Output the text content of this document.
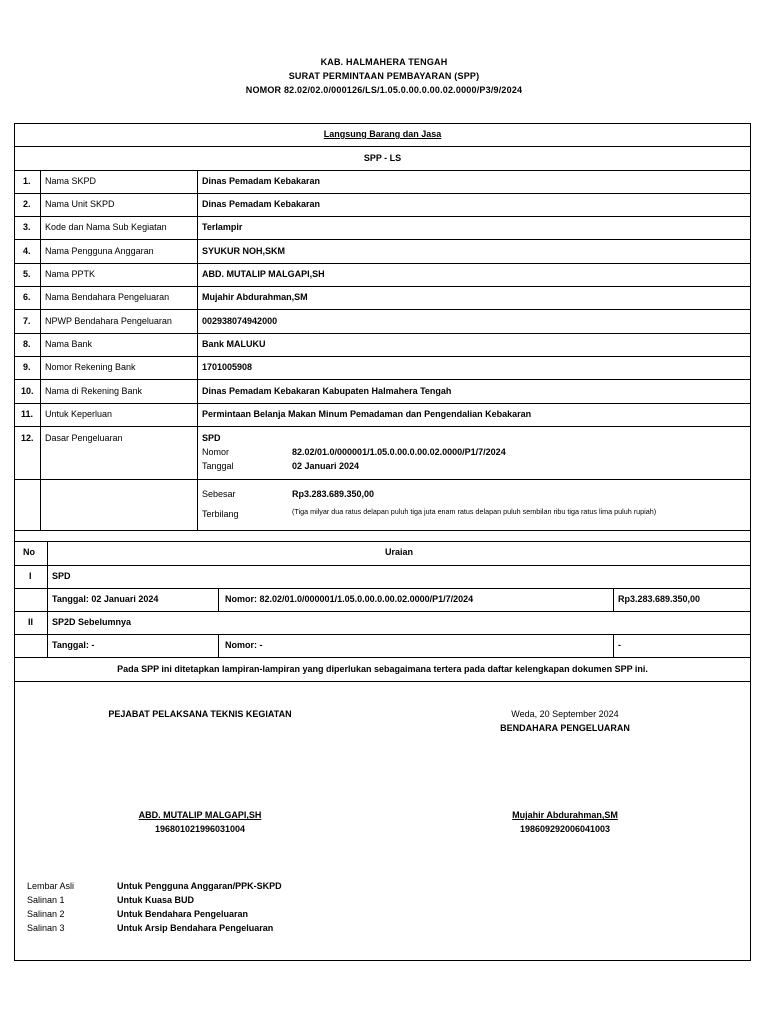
KAB. HALMAHERA TENGAH
SURAT PERMINTAAN PEMBAYARAN (SPP)
NOMOR 82.02/02.0/000126/LS/1.05.0.00.0.00.02.0000/P3/9/2024
Langsung Barang dan Jasa
SPP - LS
1. Nama SKPD	Dinas Pemadam Kebakaran
2. Nama Unit SKPD	Dinas Pemadam Kebakaran
3. Kode dan Nama Sub Kegiatan	Terlampir
4. Nama Pengguna Anggaran	SYUKUR NOH,SKM
5. Nama PPTK	ABD. MUTALIP MALGAPI,SH
6. Nama Bendahara Pengeluaran	Mujahir Abdurahman,SM
7. NPWP Bendahara Pengeluaran	002938074942000
8. Nama Bank	Bank MALUKU
9. Nomor Rekening Bank	1701005908
10. Nama di Rekening Bank	Dinas Pemadam Kebakaran Kabupaten Halmahera Tengah
11. Untuk Keperluan	Permintaan Belanja Makan Minum Pemadaman dan Pengendalian Kebakaran
12. Dasar Pengeluaran	SPD
Nomor	82.02/01.0/000001/1.05.0.00.0.00.02.0000/P1/7/2024
Tanggal	02 Januari 2024
Sebesar	Rp3.283.689.350,00
Terbilang	(Tiga milyar dua ratus delapan puluh tiga juta enam ratus delapan puluh sembilan ribu tiga ratus lima puluh rupiah)
No	Uraian
I SPD
Tanggal: 02 Januari 2024	Nomor: 82.02/01.0/000001/1.05.0.00.0.00.02.0000/P1/7/2024	Rp3.283.689.350,00
II SP2D Sebelumnya
Tanggal: -	Nomor: -	-
Pada SPP ini ditetapkan lampiran-lampiran yang diperlukan sebagaimana tertera pada daftar kelengkapan dokumen SPP ini.
PEJABAT PELAKSANA TEKNIS KEGIATAN	Weda, 20 September 2024
BENDAHARA PENGELUARAN
ABD. MUTALIP MALGAPI,SH
196801021996031004
Mujahir Abdurahman,SM
198609292006041003
Lembar Asli	Untuk Pengguna Anggaran/PPK-SKPD
Salinan 1	Untuk Kuasa BUD
Salinan 2	Untuk Bendahara Pengeluaran
Salinan 3	Untuk Arsip Bendahara Pengeluaran
